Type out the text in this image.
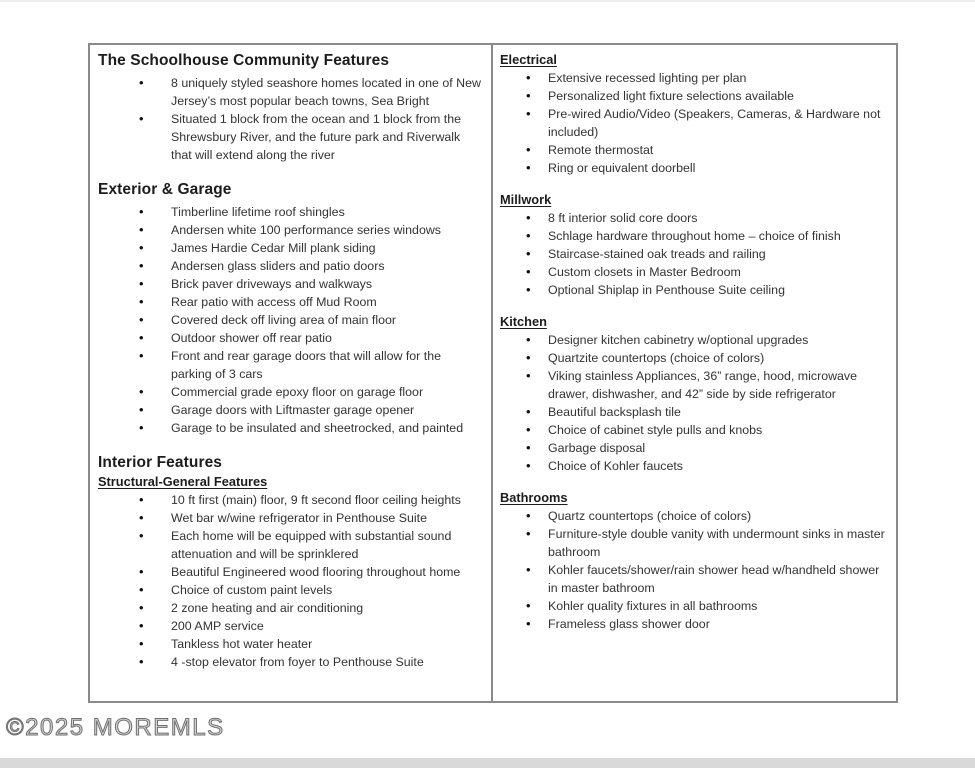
The Schoolhouse Community Features
• 8 uniquely styled seashore homes located in one of New Jersey’s most popular beach towns, Sea Bright
• Situated 1 block from the ocean and 1 block from the Shrewsbury River, and the future park and Riverwalk that will extend along the river
Exterior & Garage
• Timberline lifetime roof shingles
• Andersen white 100 performance series windows
• James Hardie Cedar Mill plank siding
• Andersen glass sliders and patio doors
• Brick paver driveways and walkways
• Rear patio with access off Mud Room
• Covered deck off living area of main floor
• Outdoor shower off rear patio
• Front and rear garage doors that will allow for the parking of 3 cars
• Commercial grade epoxy floor on garage floor
• Garage doors with Liftmaster garage opener
• Garage to be insulated and sheetrocked, and painted
Interior Features
Structural-General Features
• 10 ft first (main) floor, 9 ft second floor ceiling heights
• Wet bar w/wine refrigerator in Penthouse Suite
• Each home will be equipped with substantial sound attenuation and will be sprinklered
• Beautiful Engineered wood flooring throughout home
• Choice of custom paint levels
• 2 zone heating and air conditioning
• 200 AMP service
• Tankless hot water heater
• 4 -stop elevator from foyer to Penthouse Suite
Electrical
• Extensive recessed lighting per plan
• Personalized light fixture selections available
• Pre-wired Audio/Video (Speakers, Cameras, & Hardware not included)
• Remote thermostat
• Ring or equivalent doorbell
Millwork
• 8 ft interior solid core doors
• Schlage hardware throughout home – choice of finish
• Staircase-stained oak treads and railing
• Custom closets in Master Bedroom
• Optional Shiplap in Penthouse Suite ceiling
Kitchen
• Designer kitchen cabinetry w/optional upgrades
• Quartzite countertops (choice of colors)
• Viking stainless Appliances, 36” range, hood, microwave drawer, dishwasher, and 42” side by side refrigerator
• Beautiful backsplash tile
• Choice of cabinet style pulls and knobs
• Garbage disposal
• Choice of Kohler faucets
Bathrooms
• Quartz countertops (choice of colors)
• Furniture-style double vanity with undermount sinks in master bathroom
• Kohler faucets/shower/rain shower head w/handheld shower in master bathroom
• Kohler quality fixtures in all bathrooms
• Frameless glass shower door
©2025 MOREMLS
